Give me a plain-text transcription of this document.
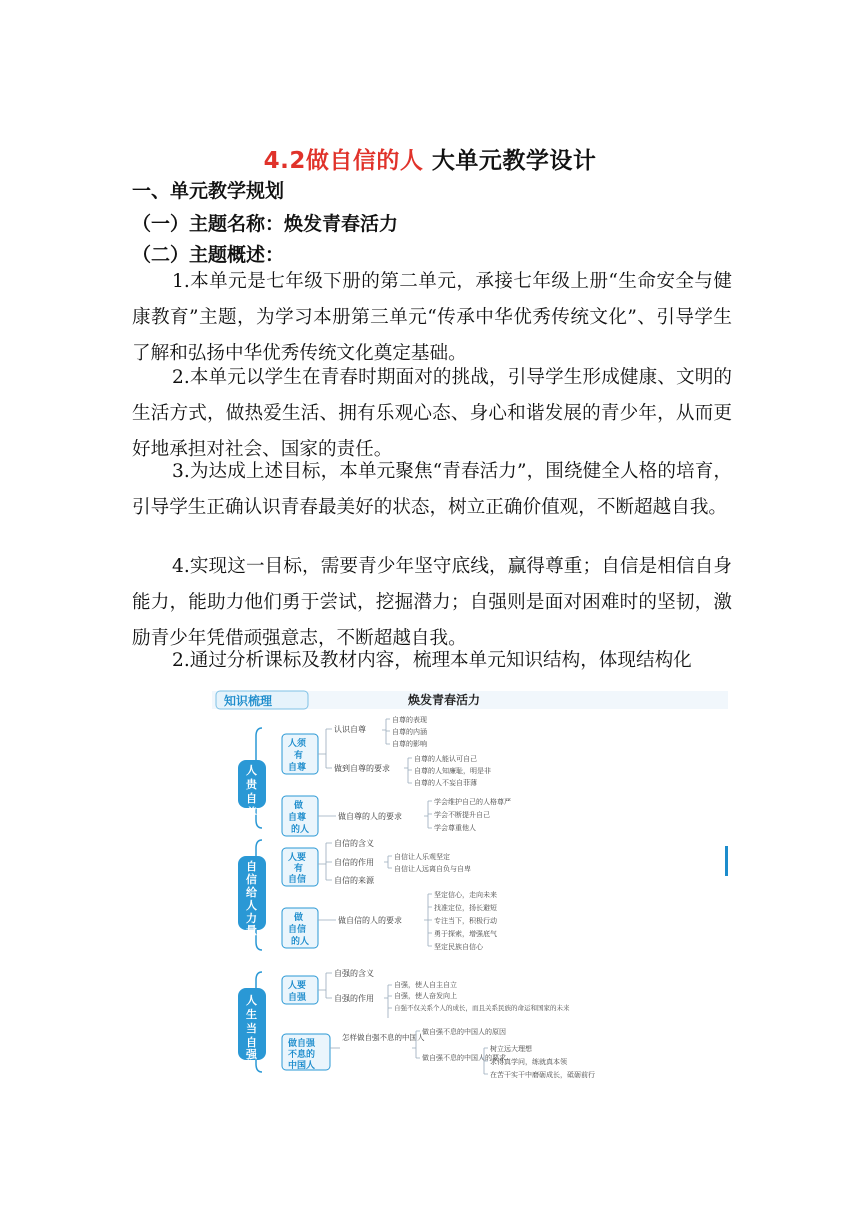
4.2做自信的人 大单元教学设计
一、单元教学规划
（一）主题名称：焕发青春活力
（二）主题概述：
1.本单元是七年级下册的第二单元，承接七年级上册“生命安全与健康教育”主题，为学习本册第三单元“传承中华优秀传统文化”、引导学生了解和弘扬中华优秀传统文化奠定基础。
2.本单元以学生在青春时期面对的挑战，引导学生形成健康、文明的生活方式，做热爱生活、拥有乐观心态、身心和谐发展的青少年，从而更好地承担对社会、国家的责任。
3.为达成上述目标，本单元聚焦“青春活力”，围绕健全人格的培育，引导学生正确认识青春最美好的状态，树立正确价值观，不断超越自我。
4.实现这一目标，需要青少年坚守底线，赢得尊重；自信是相信自身能力，能助力他们勇于尝试，挖掘潜力；自强则是面对困难时的坚韧，激励青少年凭借顽强意志，不断超越自我。
2.通过分析课标及教材内容，梳理本单元知识结构，体现结构化
知识梳理	焕发青春活力
人
贵
自
尊
人须
有
自尊
认识自尊
做到自尊的要求
自尊的表现
自尊的内涵
自尊的影响
自尊的人能认可自己
自尊的人知廉耻，明是非
自尊的人不妄自菲薄
做
自尊
的人
做自尊的人的要求
学会维护自己的人格尊严
学会不断提升自己
学会尊重他人
自
信
给
人
力
量
人要
有
自信
自信的含义
自信的作用
自信的来源
自信让人乐观坚定
自信让人远离自负与自卑
做
自信
的人
做自信的人的要求
坚定信心，走向未来
找准定位，扬长避短
专注当下，积极行动
勇于探索，增强底气
坚定民族自信心
人
生
当
自
强
人要
自强
自强的含义
自强的作用
自强，使人自主自立
自强，使人奋发向上
自强不仅关系个人的成长，而且关系民族的命运和国家的未来
做自强
不息的
中国人
怎样做自强不息的中国人
做自强不息的中国人的原因
做自强不息的中国人的要求
树立远大理想
求得真学问，练就真本领
在苦干实干中磨砺成长，砥砺前行
